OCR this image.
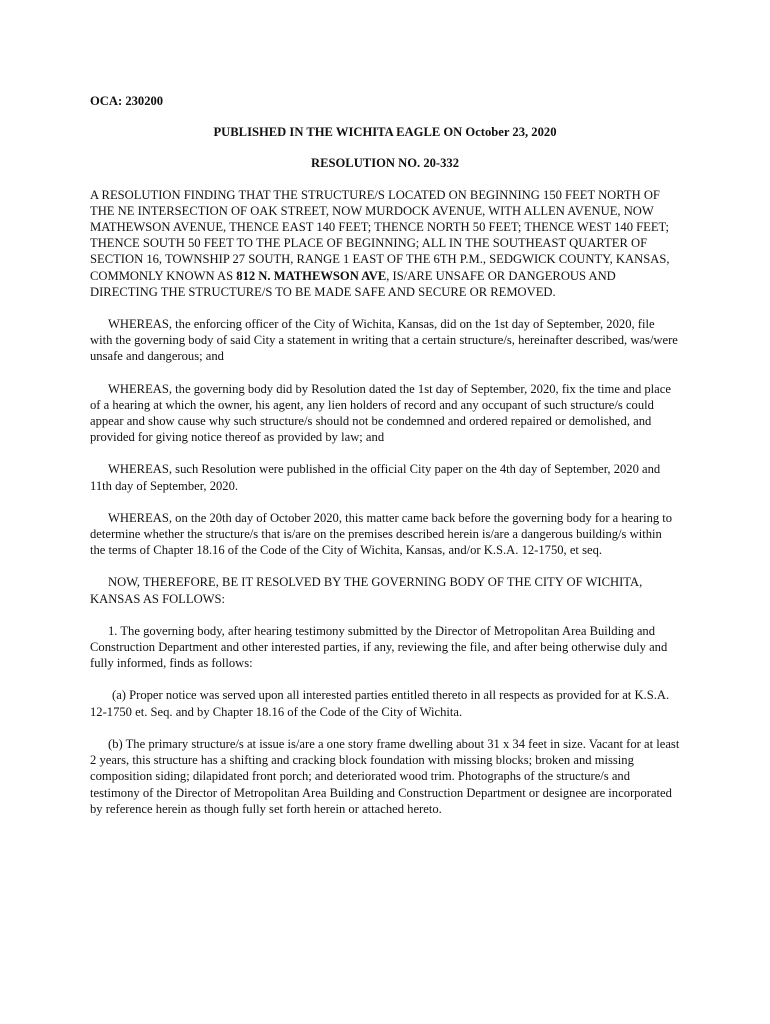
OCA: 230200

PUBLISHED IN THE WICHITA EAGLE ON October 23, 2020

RESOLUTION NO. 20-332

A RESOLUTION FINDING THAT THE STRUCTURE/S LOCATED ON BEGINNING 150 FEET NORTH OF THE NE INTERSECTION OF OAK STREET, NOW MURDOCK AVENUE, WITH ALLEN AVENUE, NOW MATHEWSON AVENUE, THENCE EAST 140 FEET; THENCE NORTH 50 FEET; THENCE WEST 140 FEET; THENCE SOUTH 50 FEET TO THE PLACE OF BEGINNING; ALL IN THE SOUTHEAST QUARTER OF SECTION 16, TOWNSHIP 27 SOUTH, RANGE 1 EAST OF THE 6TH P.M., SEDGWICK COUNTY, KANSAS, COMMONLY KNOWN AS 812 N. MATHEWSON AVE, IS/ARE UNSAFE OR DANGEROUS AND DIRECTING THE STRUCTURE/S TO BE MADE SAFE AND SECURE OR REMOVED.

WHEREAS, the enforcing officer of the City of Wichita, Kansas, did on the 1st day of September, 2020, file with the governing body of said City a statement in writing that a certain structure/s, hereinafter described, was/were unsafe and dangerous; and

WHEREAS, the governing body did by Resolution dated the 1st day of September, 2020, fix the time and place of a hearing at which the owner, his agent, any lien holders of record and any occupant of such structure/s could appear and show cause why such structure/s should not be condemned and ordered repaired or demolished, and provided for giving notice thereof as provided by law; and

WHEREAS, such Resolution were published in the official City paper on the 4th day of September, 2020 and 11th day of September, 2020.

WHEREAS, on the 20th day of October 2020, this matter came back before the governing body for a hearing to determine whether the structure/s that is/are on the premises described herein is/are a dangerous building/s within the terms of Chapter 18.16 of the Code of the City of Wichita, Kansas, and/or K.S.A. 12-1750, et seq.

NOW, THEREFORE, BE IT RESOLVED BY THE GOVERNING BODY OF THE CITY OF WICHITA, KANSAS AS FOLLOWS:

1. The governing body, after hearing testimony submitted by the Director of Metropolitan Area Building and Construction Department and other interested parties, if any, reviewing the file, and after being otherwise duly and fully informed, finds as follows:

(a) Proper notice was served upon all interested parties entitled thereto in all respects as provided for at K.S.A. 12-1750 et. Seq. and by Chapter 18.16 of the Code of the City of Wichita.

(b) The primary structure/s at issue is/are a one story frame dwelling about 31 x 34 feet in size. Vacant for at least 2 years, this structure has a shifting and cracking block foundation with missing blocks; broken and missing composition siding; dilapidated front porch; and deteriorated wood trim. Photographs of the structure/s and testimony of the Director of Metropolitan Area Building and Construction Department or designee are incorporated by reference herein as though fully set forth herein or attached hereto.
